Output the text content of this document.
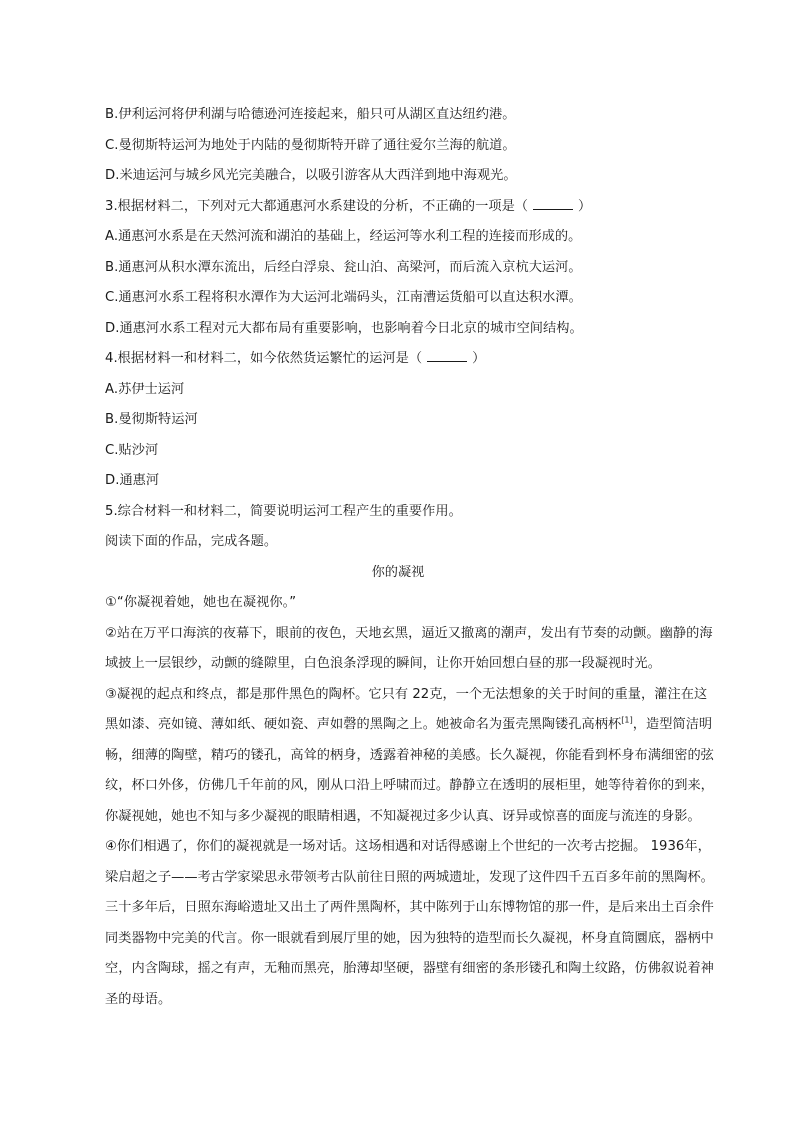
B.伊利运河将伊利湖与哈德逊河连接起来，船只可从湖区直达纽约港。
C.曼彻斯特运河为地处于内陆的曼彻斯特开辟了通往爱尔兰海的航道。
D.米迪运河与城乡风光完美融合，以吸引游客从大西洋到地中海观光。
3.根据材料二，下列对元大都通惠河水系建设的分析，不正确的一项是（	）
A.通惠河水系是在天然河流和湖泊的基础上，经运河等水利工程的连接而形成的。
B.通惠河从积水潭东流出，后经白浮泉、瓮山泊、高梁河，而后流入京杭大运河。
C.通惠河水系工程将积水潭作为大运河北端码头，江南漕运货船可以直达积水潭。
D.通惠河水系工程对元大都布局有重要影响，也影响着今日北京的城市空间结构。
4.根据材料一和材料二，如今依然货运繁忙的运河是（	）
A.苏伊士运河
B.曼彻斯特运河
C.贴沙河
D.通惠河
5.综合材料一和材料二，简要说明运河工程产生的重要作用。
阅读下面的作品，完成各题。
你的凝视
①“你凝视着她，她也在凝视你。”
②站在万平口海滨的夜幕下，眼前的夜色，天地玄黑，逼近又撤离的潮声，发出有节奏的动颤。幽静的海
域披上一层银纱，动颤的缝隙里，白色浪条浮现的瞬间，让你开始回想白昼的那一段凝视时光。
③凝视的起点和终点，都是那件黑色的陶杯。它只有 22克，一个无法想象的关于时间的重量，灌注在这
黑如漆、亮如镜、薄如纸、硬如瓷、声如磬的黑陶之上。她被命名为蛋壳黑陶镂孔高柄杯[1]，造型简洁明
畅，细薄的陶壁，精巧的镂孔，高耸的柄身，透露着神秘的美感。长久凝视，你能看到杯身布满细密的弦
纹，杯口外侈，仿佛几千年前的风，刚从口沿上呼啸而过。静静立在透明的展柜里，她等待着你的到来，
你凝视她，她也不知与多少凝视的眼睛相遇，不知凝视过多少认真、讶异或惊喜的面庞与流连的身影。
④你们相遇了，你们的凝视就是一场对话。这场相遇和对话得感谢上个世纪的一次考古挖掘。 1936年，
梁启超之子——考古学家梁思永带领考古队前往日照的两城遗址，发现了这件四千五百多年前的黑陶杯。
三十多年后，日照东海峪遗址又出土了两件黑陶杯，其中陈列于山东博物馆的那一件，是后来出土百余件
同类器物中完美的代言。你一眼就看到展厅里的她，因为独特的造型而长久凝视，杯身直筒圜底，器柄中
空，内含陶球，摇之有声，无釉而黑亮，胎薄却坚硬，器壁有细密的条形镂孔和陶土纹路，仿佛叙说着神
圣的母语。
